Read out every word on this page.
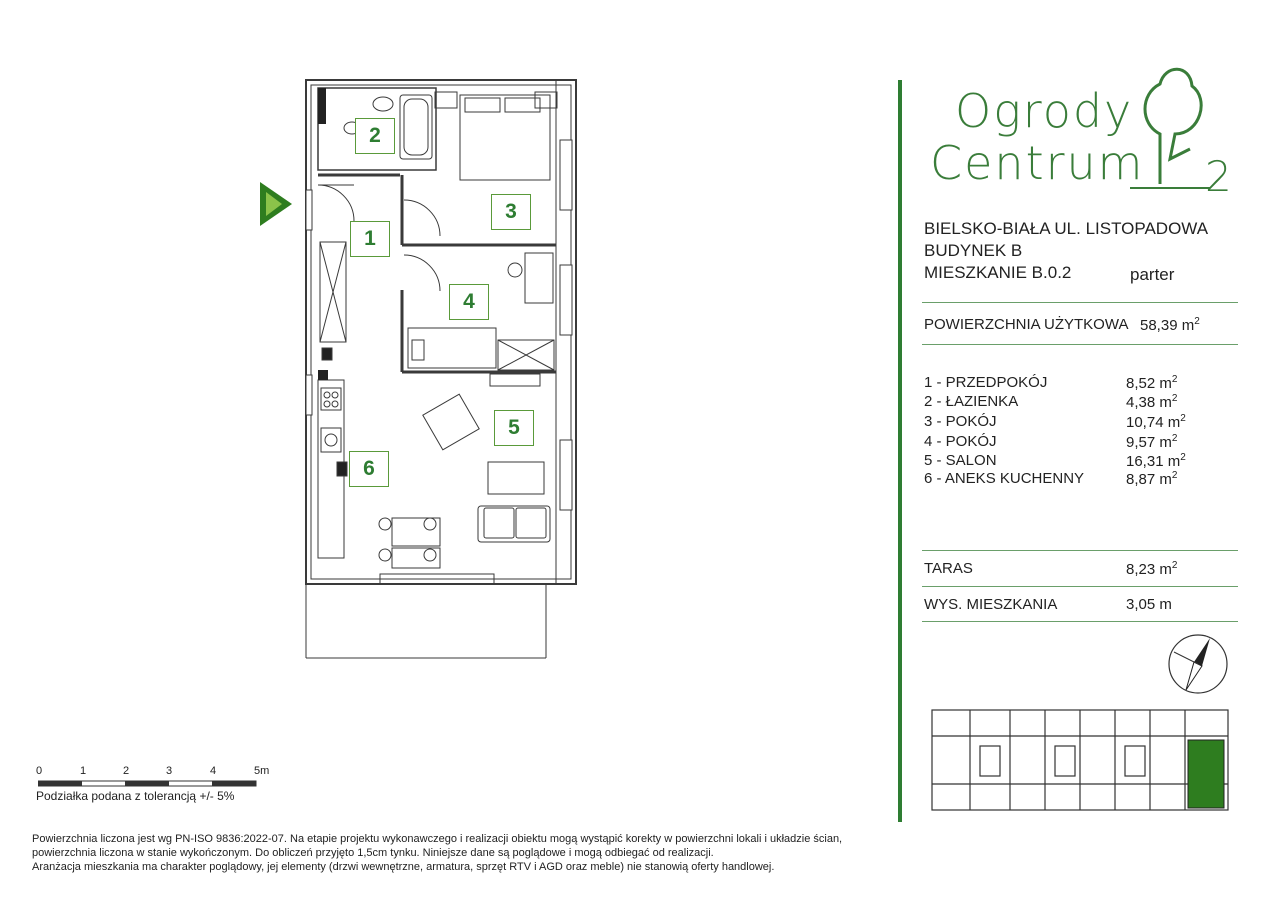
1
2
3
4
5
6
Ogrody
Centrum 2
BIELSKO-BIAŁA UL. LISTOPADOWA
BUDYNEK B
MIESZKANIE B.0.2	parter
POWIERZCHNIA UŻYTKOWA 58,39 $m^2$
1 - PRZEDPOKÓJ	8,52 $m^2$
2 - ŁAZIENKA	4,38 $m^2$
3 - POKÓJ	10,74 $m^2$
4 - POKÓJ	9,57 $m^2$
5 - SALON	16,31 $m^2$
6 - ANEKS KUCHENNY	8,87 $m^2$
TARAS	8,23 $m^2$
WYS. MIESZKANIA	3,05 m
0	1	2	3	4	5m
Podziałka podana z tolerancją +/- 5%
Powierzchnia liczona jest wg PN-ISO 9836:2022-07. Na etapie projektu wykonawczego i realizacji obiektu mogą wystąpić korekty w powierzchni lokali i układzie ścian,
powierzchnia liczona w stanie wykończonym. Do obliczeń przyjęto 1,5cm tynku. Niniejsze dane są poglądowe i mogą odbiegać od realizacji.
Aranżacja mieszkania ma charakter poglądowy, jej elementy (drzwi wewnętrzne, armatura, sprzęt RTV i AGD oraz meble) nie stanowią oferty handlowej.
